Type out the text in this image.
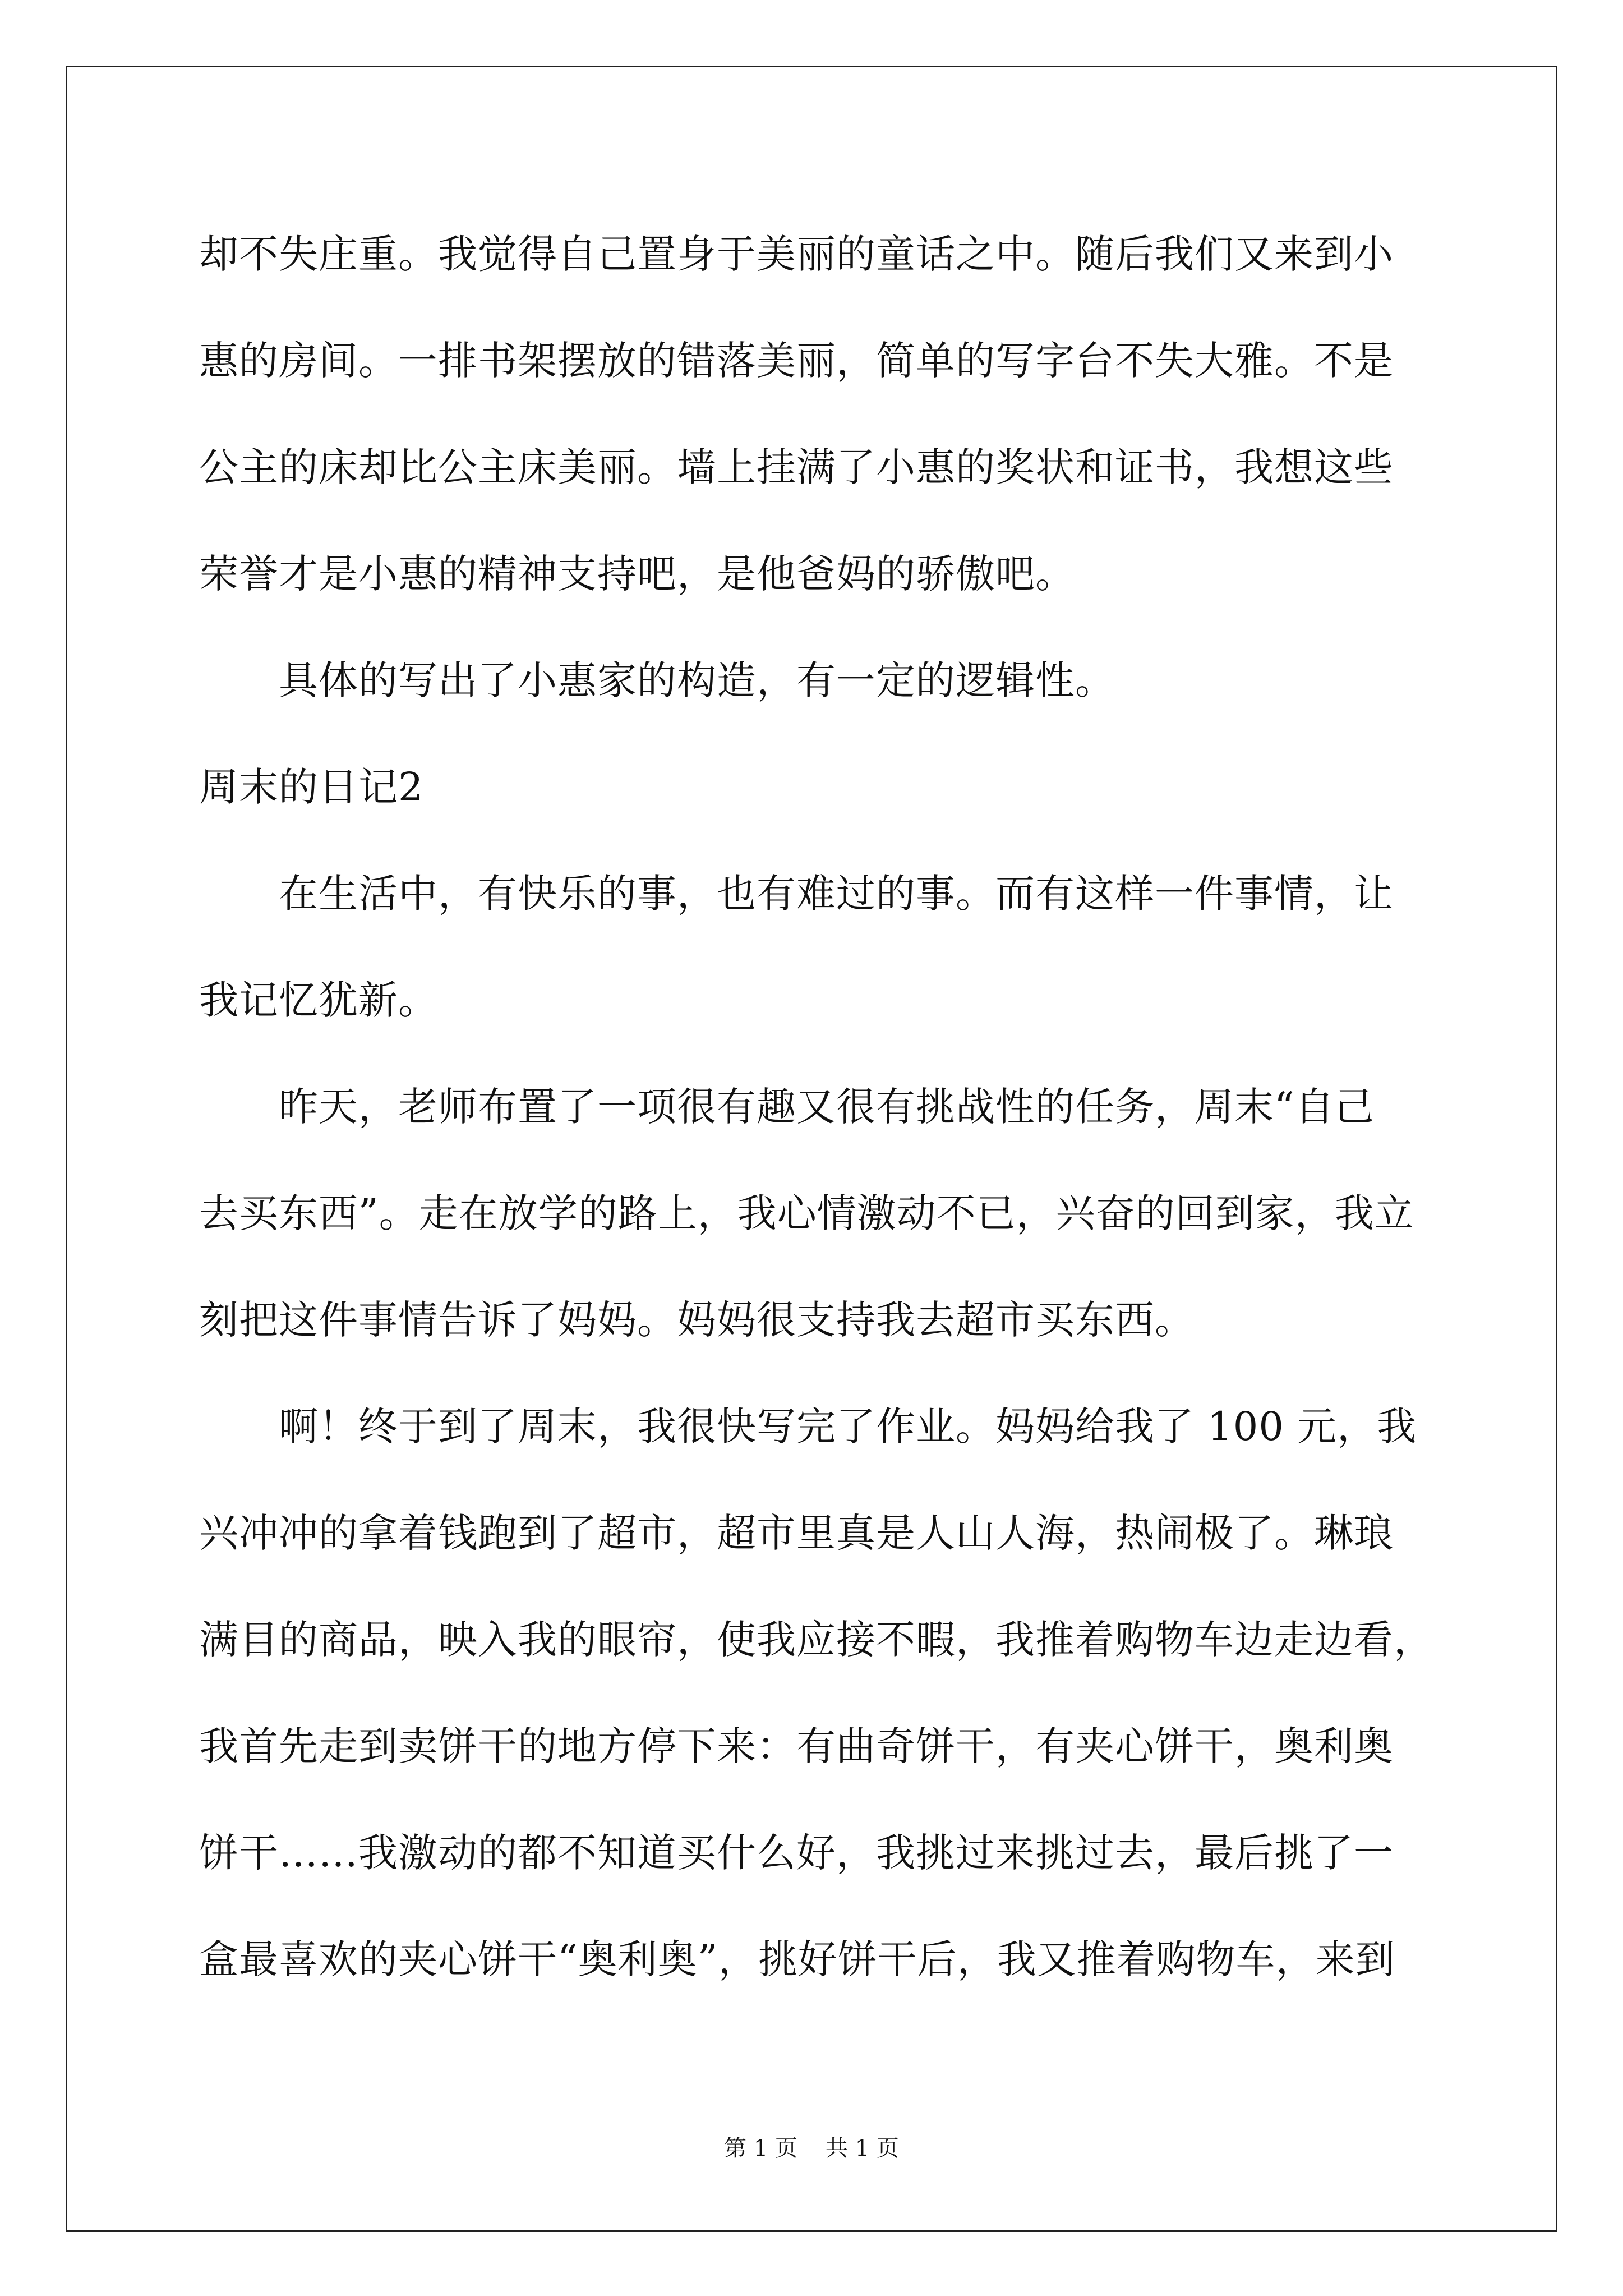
却不失庄重。我觉得自己置身于美丽的童话之中。随后我们又来到小
惠的房间。一排书架摆放的错落美丽，简单的写字台不失大雅。不是
公主的床却比公主床美丽。墙上挂满了小惠的奖状和证书，我想这些
荣誉才是小惠的精神支持吧，是他爸妈的骄傲吧。
具体的写出了小惠家的构造，有一定的逻辑性。
周末的日记2
在生活中，有快乐的事，也有难过的事。而有这样一件事情，让
我记忆犹新。
昨天，老师布置了一项很有趣又很有挑战性的任务，周末“自己
去买东西”。走在放学的路上，我心情激动不已，兴奋的回到家，我立
刻把这件事情告诉了妈妈。妈妈很支持我去超市买东西。
啊！终于到了周末，我很快写完了作业。妈妈给我了 100 元，我
兴冲冲的拿着钱跑到了超市，超市里真是人山人海，热闹极了。琳琅
满目的商品，映入我的眼帘，使我应接不暇，我推着购物车边走边看，
我首先走到卖饼干的地方停下来：有曲奇饼干，有夹心饼干，奥利奥
饼干……我激动的都不知道买什么好，我挑过来挑过去，最后挑了一
盒最喜欢的夹心饼干“奥利奥”，挑好饼干后，我又推着购物车，来到
第 1 页 共 1 页
